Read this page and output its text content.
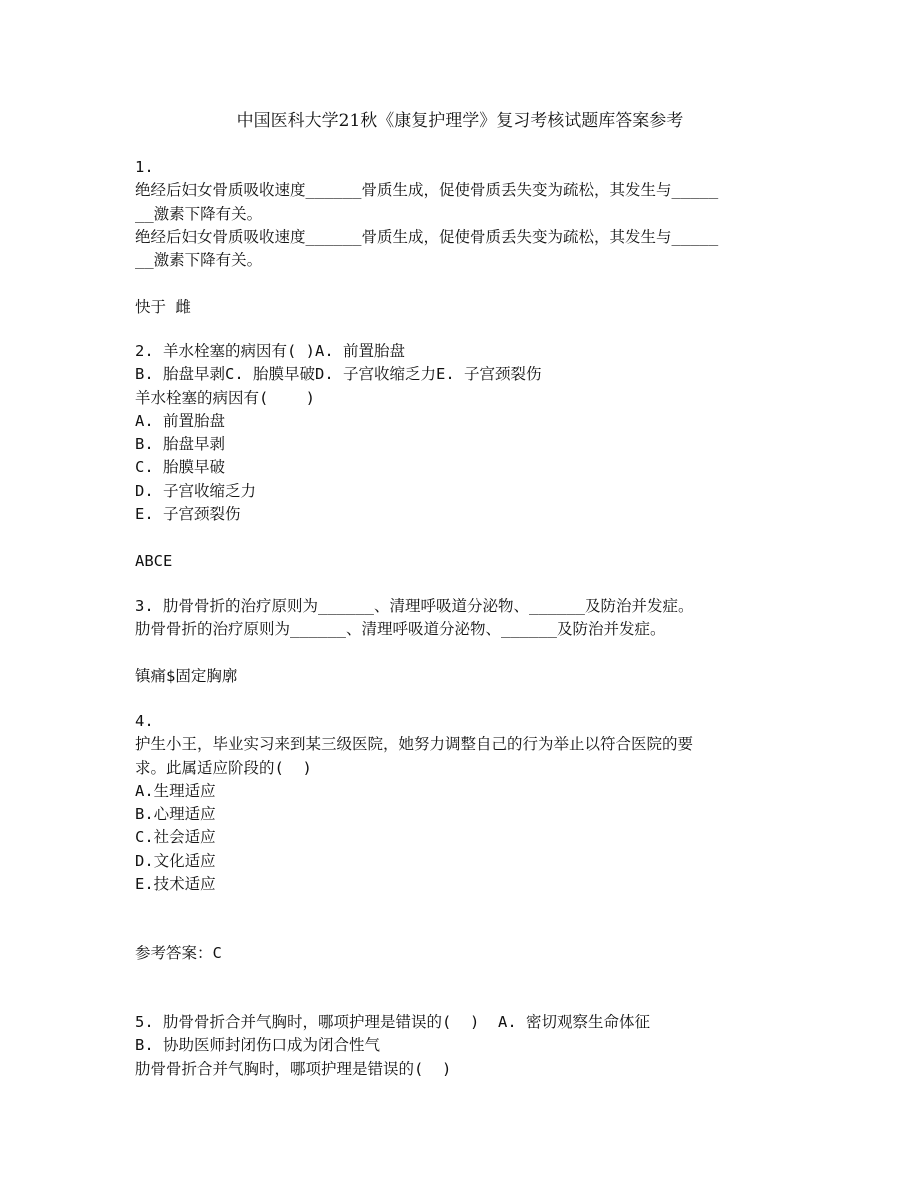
中国医科大学21秋《康复护理学》复习考核试题库答案参考
1.
绝经后妇女骨质吸收速度______骨质生成，促使骨质丢失变为疏松，其发生与_____
__激素下降有关。
绝经后妇女骨质吸收速度______骨质生成，促使骨质丢失变为疏松，其发生与_____
__激素下降有关。
快于 雌
2. 羊水栓塞的病因有( )A. 前置胎盘
B. 胎盘早剥C. 胎膜早破D. 子宫收缩乏力E. 子宫颈裂伤
羊水栓塞的病因有(    )
A. 前置胎盘
B. 胎盘早剥
C. 胎膜早破
D. 子宫收缩乏力
E. 子宫颈裂伤
ABCE
3. 肋骨骨折的治疗原则为______、清理呼吸道分泌物、______及防治并发症。
肋骨骨折的治疗原则为______、清理呼吸道分泌物、______及防治并发症。
镇痛$固定胸廓
4.
护生小王，毕业实习来到某三级医院，她努力调整自己的行为举止以符合医院的要
求。此属适应阶段的(  )
A.生理适应
B.心理适应
C.社会适应
D.文化适应
E.技术适应
参考答案：C
5. 肋骨骨折合并气胸时，哪项护理是错误的(  )  A. 密切观察生命体征
B. 协助医师封闭伤口成为闭合性气
肋骨骨折合并气胸时，哪项护理是错误的(  )
